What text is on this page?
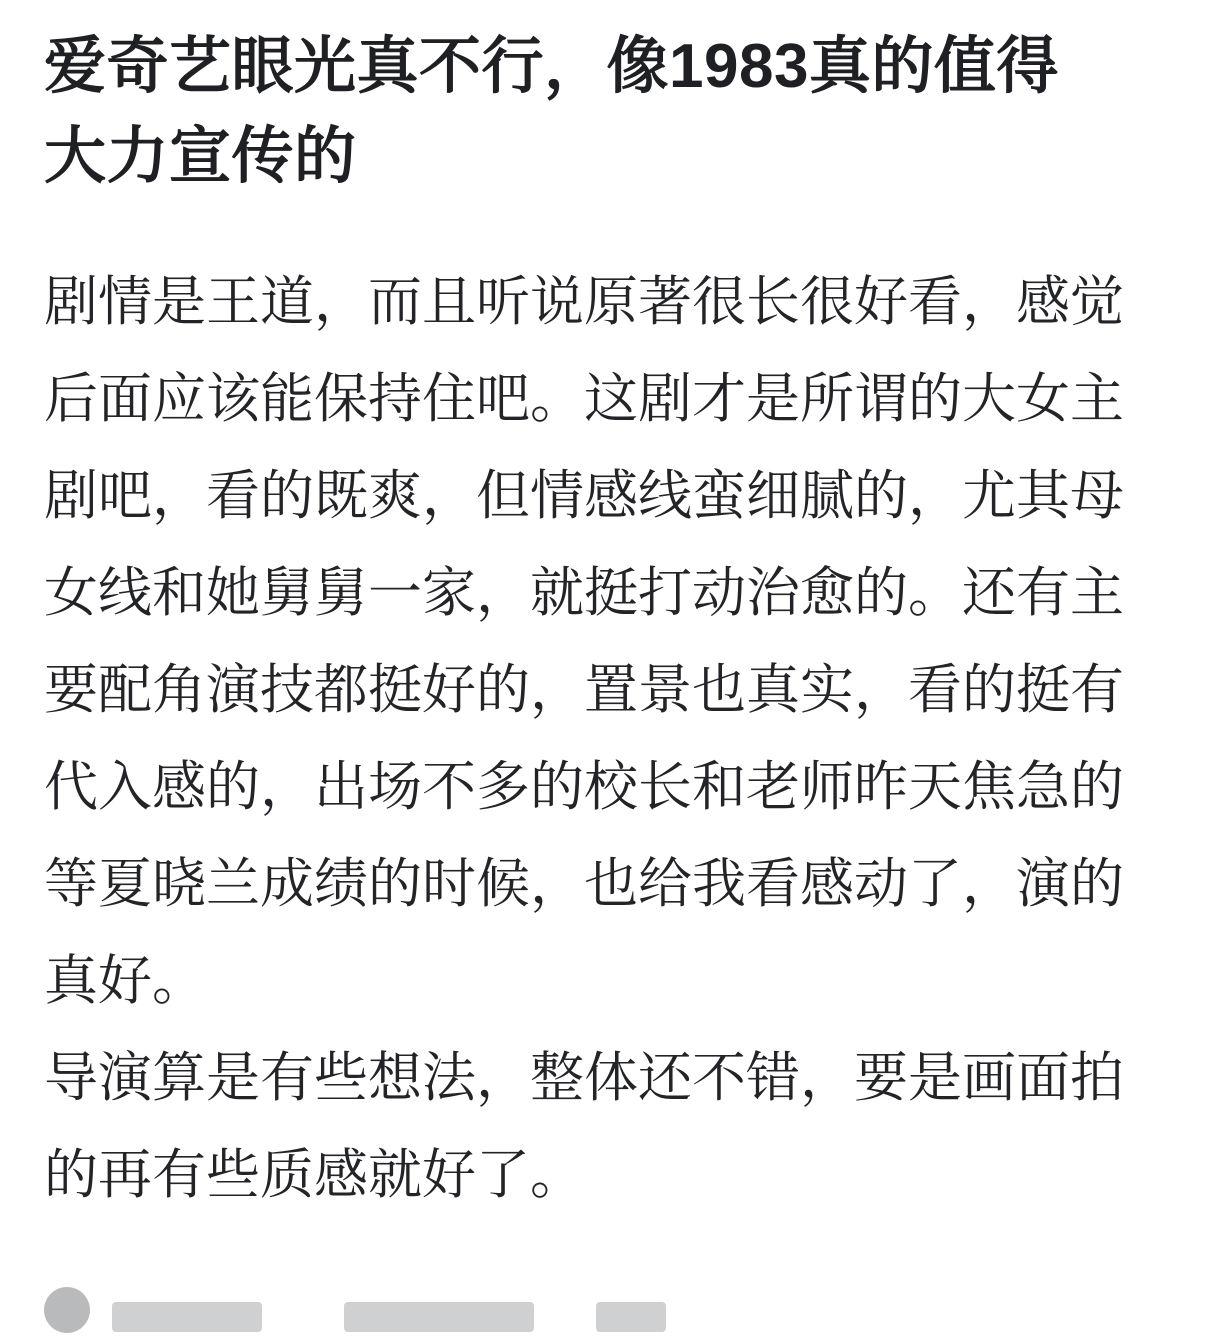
爱奇艺眼光真不行，像1983真的值得
大力宣传的
剧情是王道，而且听说原著很长很好看，感觉
后面应该能保持住吧。这剧才是所谓的大女主
剧吧，看的既爽，但情感线蛮细腻的，尤其母
女线和她舅舅一家，就挺打动治愈的。还有主
要配角演技都挺好的，置景也真实，看的挺有
代入感的，出场不多的校长和老师昨天焦急的
等夏晓兰成绩的时候，也给我看感动了，演的
真好。
导演算是有些想法，整体还不错，要是画面拍
的再有些质感就好了。
